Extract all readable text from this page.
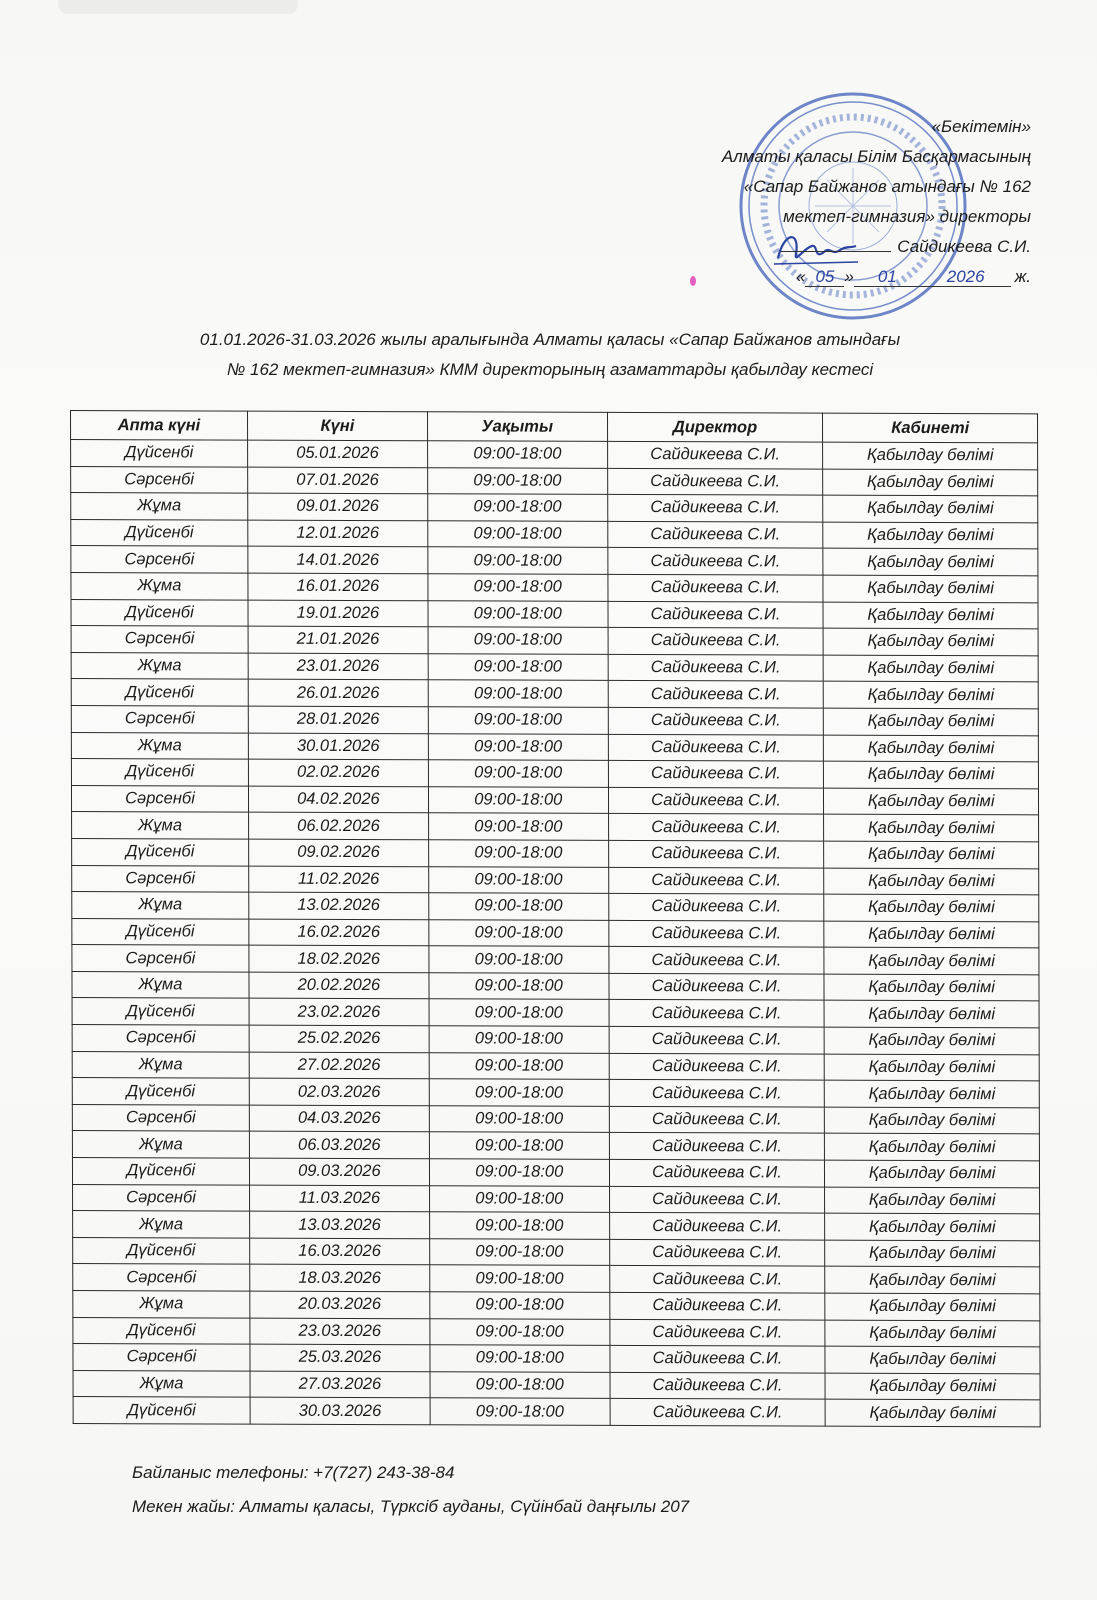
«Бекітемін»
Алматы қаласы Білім Басқармасының
«Сапар Байжанов атындағы № 162
мектеп-гимназия» директоры
Сайдикеева С.И.
« 05 » 01	2026 ж.
01.01.2026-31.03.2026 жылы аралығында Алматы қаласы «Сапар Байжанов атындағы
№ 162 мектеп-гимназия» КММ директорының азаматтарды қабылдау кестесі
Апта күні	Күні	Уақыты	Директор	Кабинеті
Дүйсенбі	05.01.2026	09:00-18:00	Сайдикеева С.И.	Қабылдау бөлімі
Сәрсенбі	07.01.2026	09:00-18:00	Сайдикеева С.И.	Қабылдау бөлімі
Жұма	09.01.2026	09:00-18:00	Сайдикеева С.И.	Қабылдау бөлімі
Дүйсенбі	12.01.2026	09:00-18:00	Сайдикеева С.И.	Қабылдау бөлімі
Сәрсенбі	14.01.2026	09:00-18:00	Сайдикеева С.И.	Қабылдау бөлімі
Жұма	16.01.2026	09:00-18:00	Сайдикеева С.И.	Қабылдау бөлімі
Дүйсенбі	19.01.2026	09:00-18:00	Сайдикеева С.И.	Қабылдау бөлімі
Сәрсенбі	21.01.2026	09:00-18:00	Сайдикеева С.И.	Қабылдау бөлімі
Жұма	23.01.2026	09:00-18:00	Сайдикеева С.И.	Қабылдау бөлімі
Дүйсенбі	26.01.2026	09:00-18:00	Сайдикеева С.И.	Қабылдау бөлімі
Сәрсенбі	28.01.2026	09:00-18:00	Сайдикеева С.И.	Қабылдау бөлімі
Жұма	30.01.2026	09:00-18:00	Сайдикеева С.И.	Қабылдау бөлімі
Дүйсенбі	02.02.2026	09:00-18:00	Сайдикеева С.И.	Қабылдау бөлімі
Сәрсенбі	04.02.2026	09:00-18:00	Сайдикеева С.И.	Қабылдау бөлімі
Жұма	06.02.2026	09:00-18:00	Сайдикеева С.И.	Қабылдау бөлімі
Дүйсенбі	09.02.2026	09:00-18:00	Сайдикеева С.И.	Қабылдау бөлімі
Сәрсенбі	11.02.2026	09:00-18:00	Сайдикеева С.И.	Қабылдау бөлімі
Жұма	13.02.2026	09:00-18:00	Сайдикеева С.И.	Қабылдау бөлімі
Дүйсенбі	16.02.2026	09:00-18:00	Сайдикеева С.И.	Қабылдау бөлімі
Сәрсенбі	18.02.2026	09:00-18:00	Сайдикеева С.И.	Қабылдау бөлімі
Жұма	20.02.2026	09:00-18:00	Сайдикеева С.И.	Қабылдау бөлімі
Дүйсенбі	23.02.2026	09:00-18:00	Сайдикеева С.И.	Қабылдау бөлімі
Сәрсенбі	25.02.2026	09:00-18:00	Сайдикеева С.И.	Қабылдау бөлімі
Жұма	27.02.2026	09:00-18:00	Сайдикеева С.И.	Қабылдау бөлімі
Дүйсенбі	02.03.2026	09:00-18:00	Сайдикеева С.И.	Қабылдау бөлімі
Сәрсенбі	04.03.2026	09:00-18:00	Сайдикеева С.И.	Қабылдау бөлімі
Жұма	06.03.2026	09:00-18:00	Сайдикеева С.И.	Қабылдау бөлімі
Дүйсенбі	09.03.2026	09:00-18:00	Сайдикеева С.И.	Қабылдау бөлімі
Сәрсенбі	11.03.2026	09:00-18:00	Сайдикеева С.И.	Қабылдау бөлімі
Жұма	13.03.2026	09:00-18:00	Сайдикеева С.И.	Қабылдау бөлімі
Дүйсенбі	16.03.2026	09:00-18:00	Сайдикеева С.И.	Қабылдау бөлімі
Сәрсенбі	18.03.2026	09:00-18:00	Сайдикеева С.И.	Қабылдау бөлімі
Жұма	20.03.2026	09:00-18:00	Сайдикеева С.И.	Қабылдау бөлімі
Дүйсенбі	23.03.2026	09:00-18:00	Сайдикеева С.И.	Қабылдау бөлімі
Сәрсенбі	25.03.2026	09:00-18:00	Сайдикеева С.И.	Қабылдау бөлімі
Жұма	27.03.2026	09:00-18:00	Сайдикеева С.И.	Қабылдау бөлімі
Дүйсенбі	30.03.2026	09:00-18:00	Сайдикеева С.И.	Қабылдау бөлімі
Байланыс телефоны: +7(727) 243-38-84
Мекен жайы: Алматы қаласы, Түрксіб ауданы, Сүйінбай даңғылы 207
